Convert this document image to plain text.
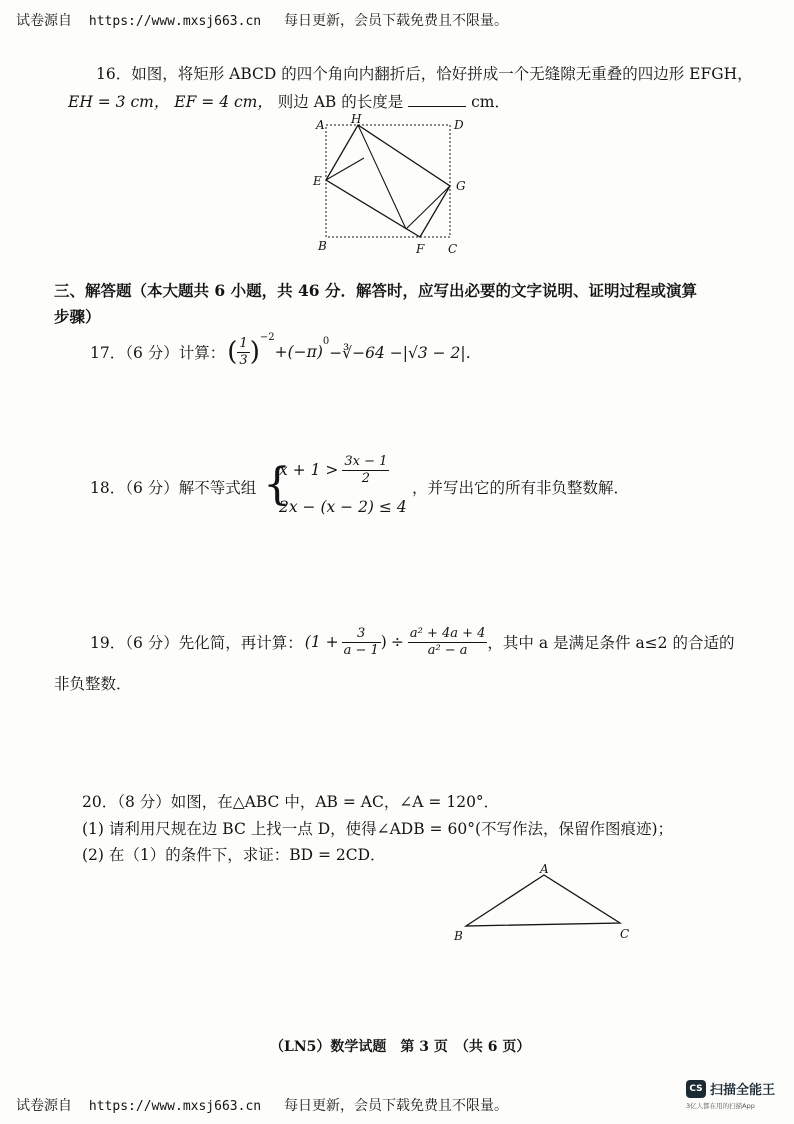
试卷源自 https://www.mxsj663.cn 每日更新，会员下载免费且不限量。
16．如图，将矩形 ABCD 的四个角向内翻折后，恰好拼成一个无缝隙无重叠的四边形 EFGH，
EH = 3 cm， EF = 4 cm， 则边 AB 的长度是	cm．
A H	D
E	G
B	F C
三、解答题（本大题共 6 小题，共 46 分．解答时，应写出必要的文字说明、证明过程或演算
步骤）
17．（6 分）计算： ( $\frac{1}{3} )^{-2}$
+(−π)
$^0$
−∛−64 −|√3 − 2|．
18．（6 分）解不等式组 {
$x + 1 > \frac{3x - 1}{2}$
2x − (x − 2) ≤ 4
，并写出它的所有非负整数解．
19．（6 分）先化简，再计算： ($1 + \frac{3}{a - 1}$ ) ÷ $\frac{\text{a² + 4a + 4}}{\text{a² − a}}$ ，其中 a 是满足条件 a≤2 的合适的
非负整数．
20．（8 分）如图，在△ABC 中，AB = AC，∠A = 120°．
(1) 请利用尺规在边 BC 上找一点 D，使得∠ADB = 60°(不写作法，保留作图痕迹)；
(2) 在（1）的条件下，求证：BD = 2CD．
A
B	C
（LN5）数学试题　第 3 页　（共 6 页）
试卷源自 https://www.mxsj663.cn 每日更新，会员下载免费且不限量。
CS 扫描全能王
3亿人都在用的扫描App
